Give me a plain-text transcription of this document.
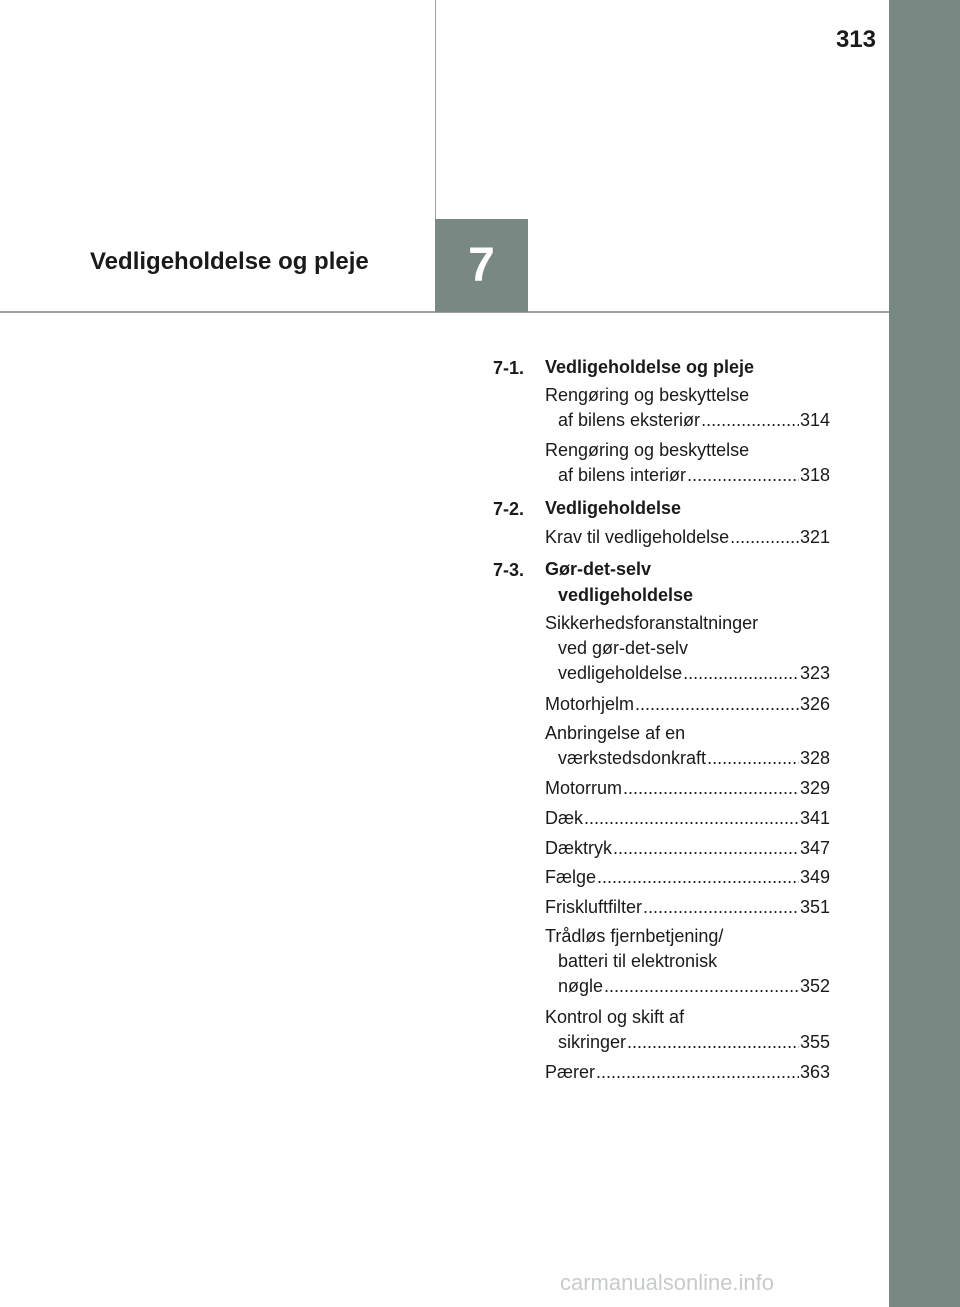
313
7
Vedligeholdelse og pleje
7-1. Vedligeholdelse og pleje
Rengøring og beskyttelse
af bilens eksteriør .....	314
Rengøring og beskyttelse
af bilens interiør .....	318
7-2. Vedligeholdelse
Krav til vedligeholdelse .....	321
7-3. Gør-det-selv
vedligeholdelse
Sikkerhedsforanstaltninger
ved gør-det-selv
vedligeholdelse .....	323
Motorhjelm .....	326
Anbringelse af en
værkstedsdonkraft .....	328
Motorrum .....	329
Dæk .....	341
Dæktryk .....	347
Fælge .....	349
Friskluftfilter .....	351
Trådløs fjernbetjening/
batteri til elektronisk
nøgle .....	352
Kontrol og skift af
sikringer .....	355
Pærer .....	363
carmanualsonline.info
